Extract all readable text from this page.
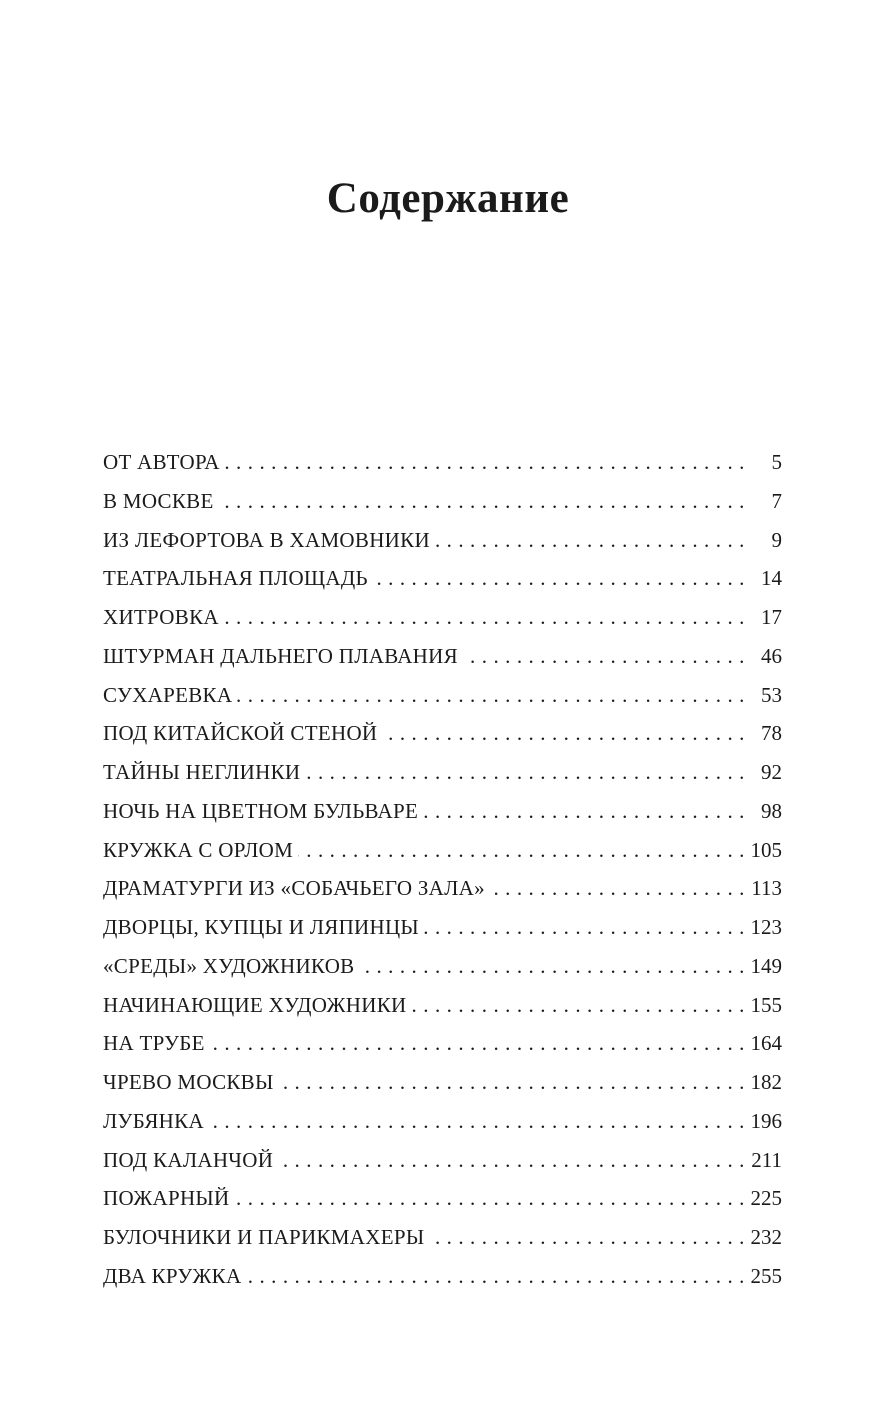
Содержание
ОТ АВТОРА . . .	5
В МОСКВЕ . . .	7
ИЗ ЛЕФОРТОВА В ХАМОВНИКИ . . .	9
ТЕАТРАЛЬНАЯ ПЛОЩАДЬ . . .	14
ХИТРОВКА . . .	17
ШТУРМАН ДАЛЬНЕГО ПЛАВАНИЯ . . .	46
СУХАРЕВКА . . .	53
ПОД КИТАЙСКОЙ СТЕНОЙ . . .	78
ТАЙНЫ НЕГЛИНКИ . . .	92
НОЧЬ НА ЦВЕТНОМ БУЛЬВАРЕ . . .	98
КРУЖКА С ОРЛОМ . . .	105
ДРАМАТУРГИ ИЗ «СОБАЧЬЕГО ЗАЛА» . . .	113
ДВОРЦЫ, КУПЦЫ И ЛЯПИНЦЫ . . .	123
«СРЕДЫ» ХУДОЖНИКОВ . . .	149
НАЧИНАЮЩИЕ ХУДОЖНИКИ . . .	155
НА ТРУБЕ . . .	164
ЧРЕВО МОСКВЫ . . .	182
ЛУБЯНКА . . .	196
ПОД КАЛАНЧОЙ . . .	211
ПОЖАРНЫЙ . . .	225
БУЛОЧНИКИ И ПАРИКМАХЕРЫ . . .	232
ДВА КРУЖКА . . .	255
